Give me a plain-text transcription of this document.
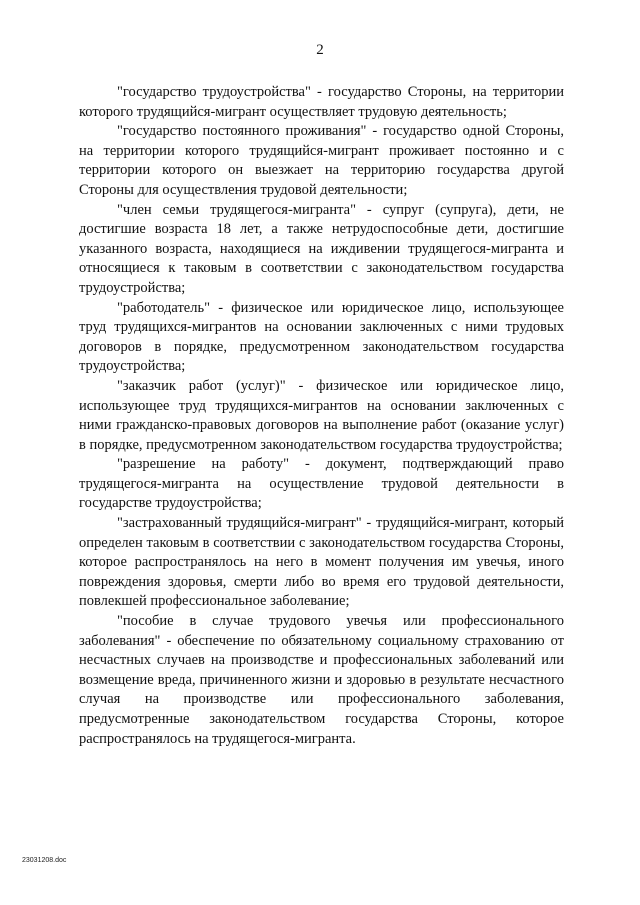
2

"государство трудоустройства" - государство Стороны, на территории которого трудящийся-мигрант осуществляет трудовую деятельность;

"государство постоянного проживания" - государство одной Стороны, на территории которого трудящийся-мигрант проживает постоянно и с территории которого он выезжает на территорию государства другой Стороны для осуществления трудовой деятельности;

"член семьи трудящегося-мигранта" - супруг (супруга), дети, не достигшие возраста 18 лет, а также нетрудоспособные дети, достигшие указанного возраста, находящиеся на иждивении трудящегося-мигранта и относящиеся к таковым в соответствии с законодательством государства трудоустройства;

"работодатель" - физическое или юридическое лицо, использующее труд трудящихся-мигрантов на основании заключенных с ними трудовых договоров в порядке, предусмотренном законодательством государства трудоустройства;

"заказчик работ (услуг)" - физическое или юридическое лицо, использующее труд трудящихся-мигрантов на основании заключенных с ними гражданско-правовых договоров на выполнение работ (оказание услуг) в порядке, предусмотренном законодательством государства трудоустройства;

"разрешение на работу" - документ, подтверждающий право трудящегося-мигранта на осуществление трудовой деятельности в государстве трудоустройства;

"застрахованный трудящийся-мигрант" - трудящийся-мигрант, который определен таковым в соответствии с законодательством государства Стороны, которое распространялось на него в момент получения им увечья, иного повреждения здоровья, смерти либо во время его трудовой деятельности, повлекшей профессиональное заболевание;

"пособие в случае трудового увечья или профессионального заболевания" - обеспечение по обязательному социальному страхованию от несчастных случаев на производстве и профессиональных заболеваний или возмещение вреда, причиненного жизни и здоровью в результате несчастного случая на производстве или профессионального заболевания, предусмотренные законодательством государства Стороны, которое распространялось на трудящегося-мигранта.

23031208.doc
